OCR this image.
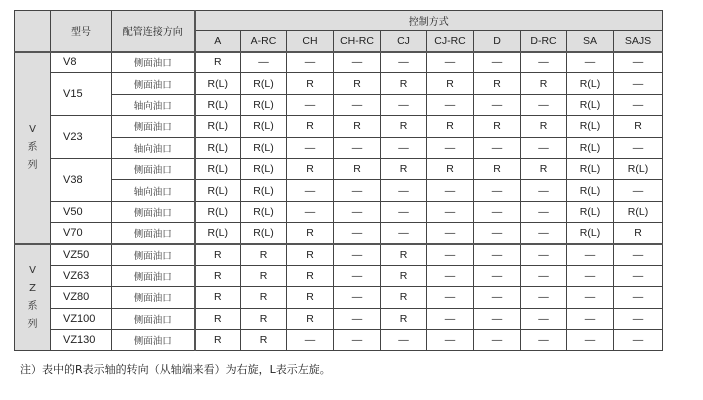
	型号	配管连接方向	控制方式									
			A	A-RC	CH	CH-RC	CJ	CJ-RC	D	D-RC	SA	SAJS

V
系
列	V8	侧面油口	R	—	—	—	—	—	—	—	—	—
	V15	侧面油口	R(L)	R(L)	R	R	R	R	R	R	R(L)	—
		轴向油口	R(L)	R(L)	—	—	—	—	—	—	R(L)	—
	V23	侧面油口	R(L)	R(L)	R	R	R	R	R	R	R(L)	R
		轴向油口	R(L)	R(L)	—	—	—	—	—	—	R(L)	—
	V38	侧面油口	R(L)	R(L)	R	R	R	R	R	R	R(L)	R(L)
		轴向油口	R(L)	R(L)	—	—	—	—	—	—	R(L)	—
	V50	侧面油口	R(L)	R(L)	—	—	—	—	—	—	R(L)	R(L)
	V70	侧面油口	R(L)	R(L)	R	—	—	—	—	—	R(L)	R

V
Z
系
列	VZ50	侧面油口	R	R	R	—	R	—	—	—	—	—
	VZ63	侧面油口	R	R	R	—	R	—	—	—	—	—
	VZ80	侧面油口	R	R	R	—	R	—	—	—	—	—
	VZ100	侧面油口	R	R	R	—	R	—	—	—	—	—
	VZ130	侧面油口	R	R	—	—	—	—	—	—	—	—
注）表中的R表示轴的转向（从轴端来看）为右旋，L表示左旋。
